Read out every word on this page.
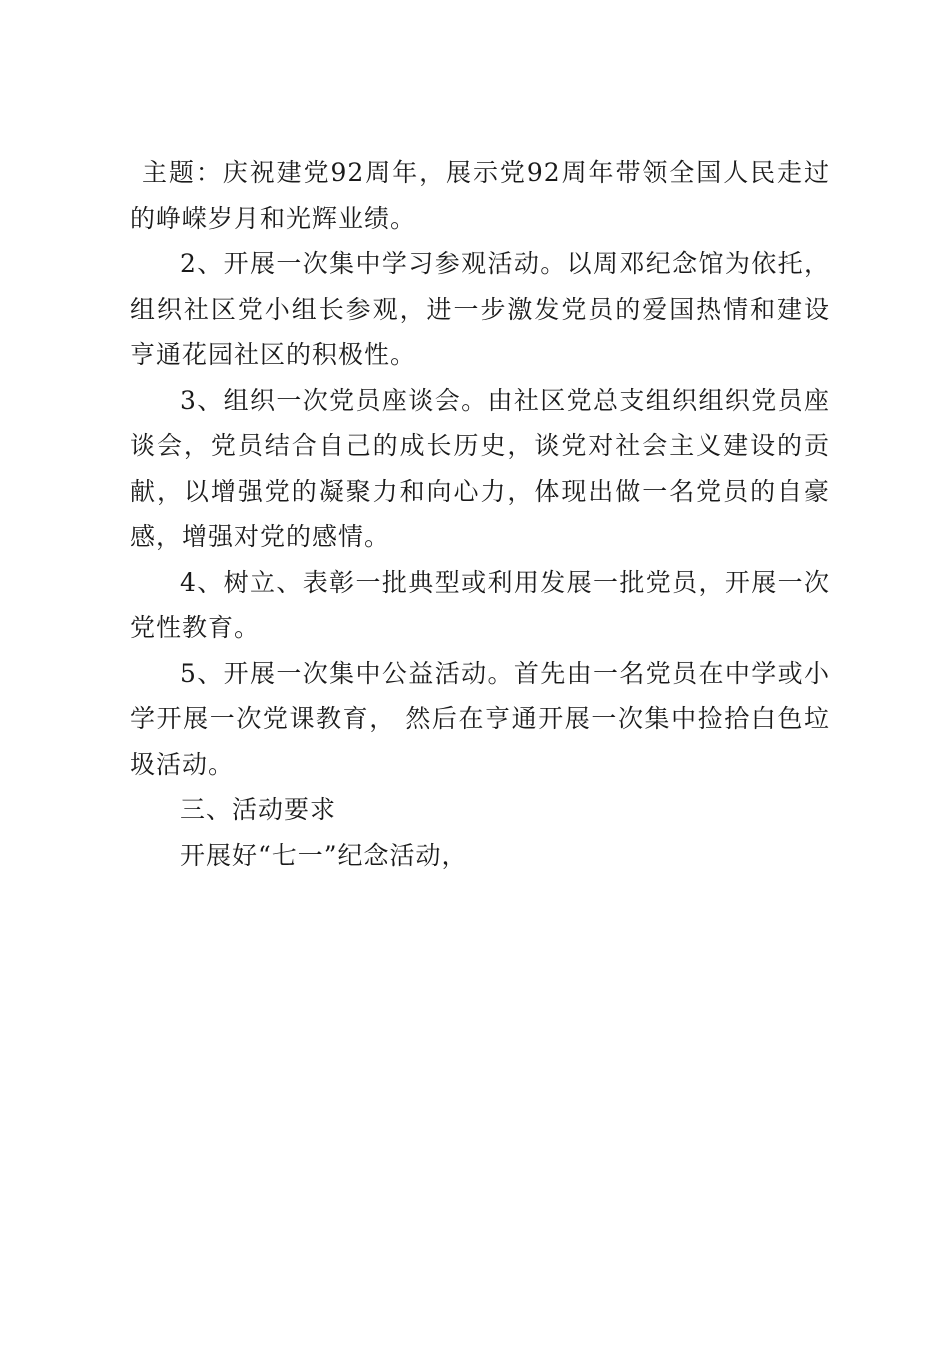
主题：庆祝建党92周年，展示党92周年带领全国人民走过的峥嵘岁月和光辉业绩。

2、开展一次集中学习参观活动。以周邓纪念馆为依托，组织社区党小组长参观，进一步激发党员的爱国热情和建设亨通花园社区的积极性。

3、组织一次党员座谈会。由社区党总支组织组织党员座谈会，党员结合自己的成长历史，谈党对社会主义建设的贡献，以增强党的凝聚力和向心力，体现出做一名党员的自豪感，增强对党的感情。

4、树立、表彰一批典型或利用发展一批党员，开展一次党性教育。

5、开展一次集中公益活动。首先由一名党员在中学或小学开展一次党课教育， 然后在亨通开展一次集中捡拾白色垃圾活动。

三、活动要求

开展好“七一”纪念活动，
